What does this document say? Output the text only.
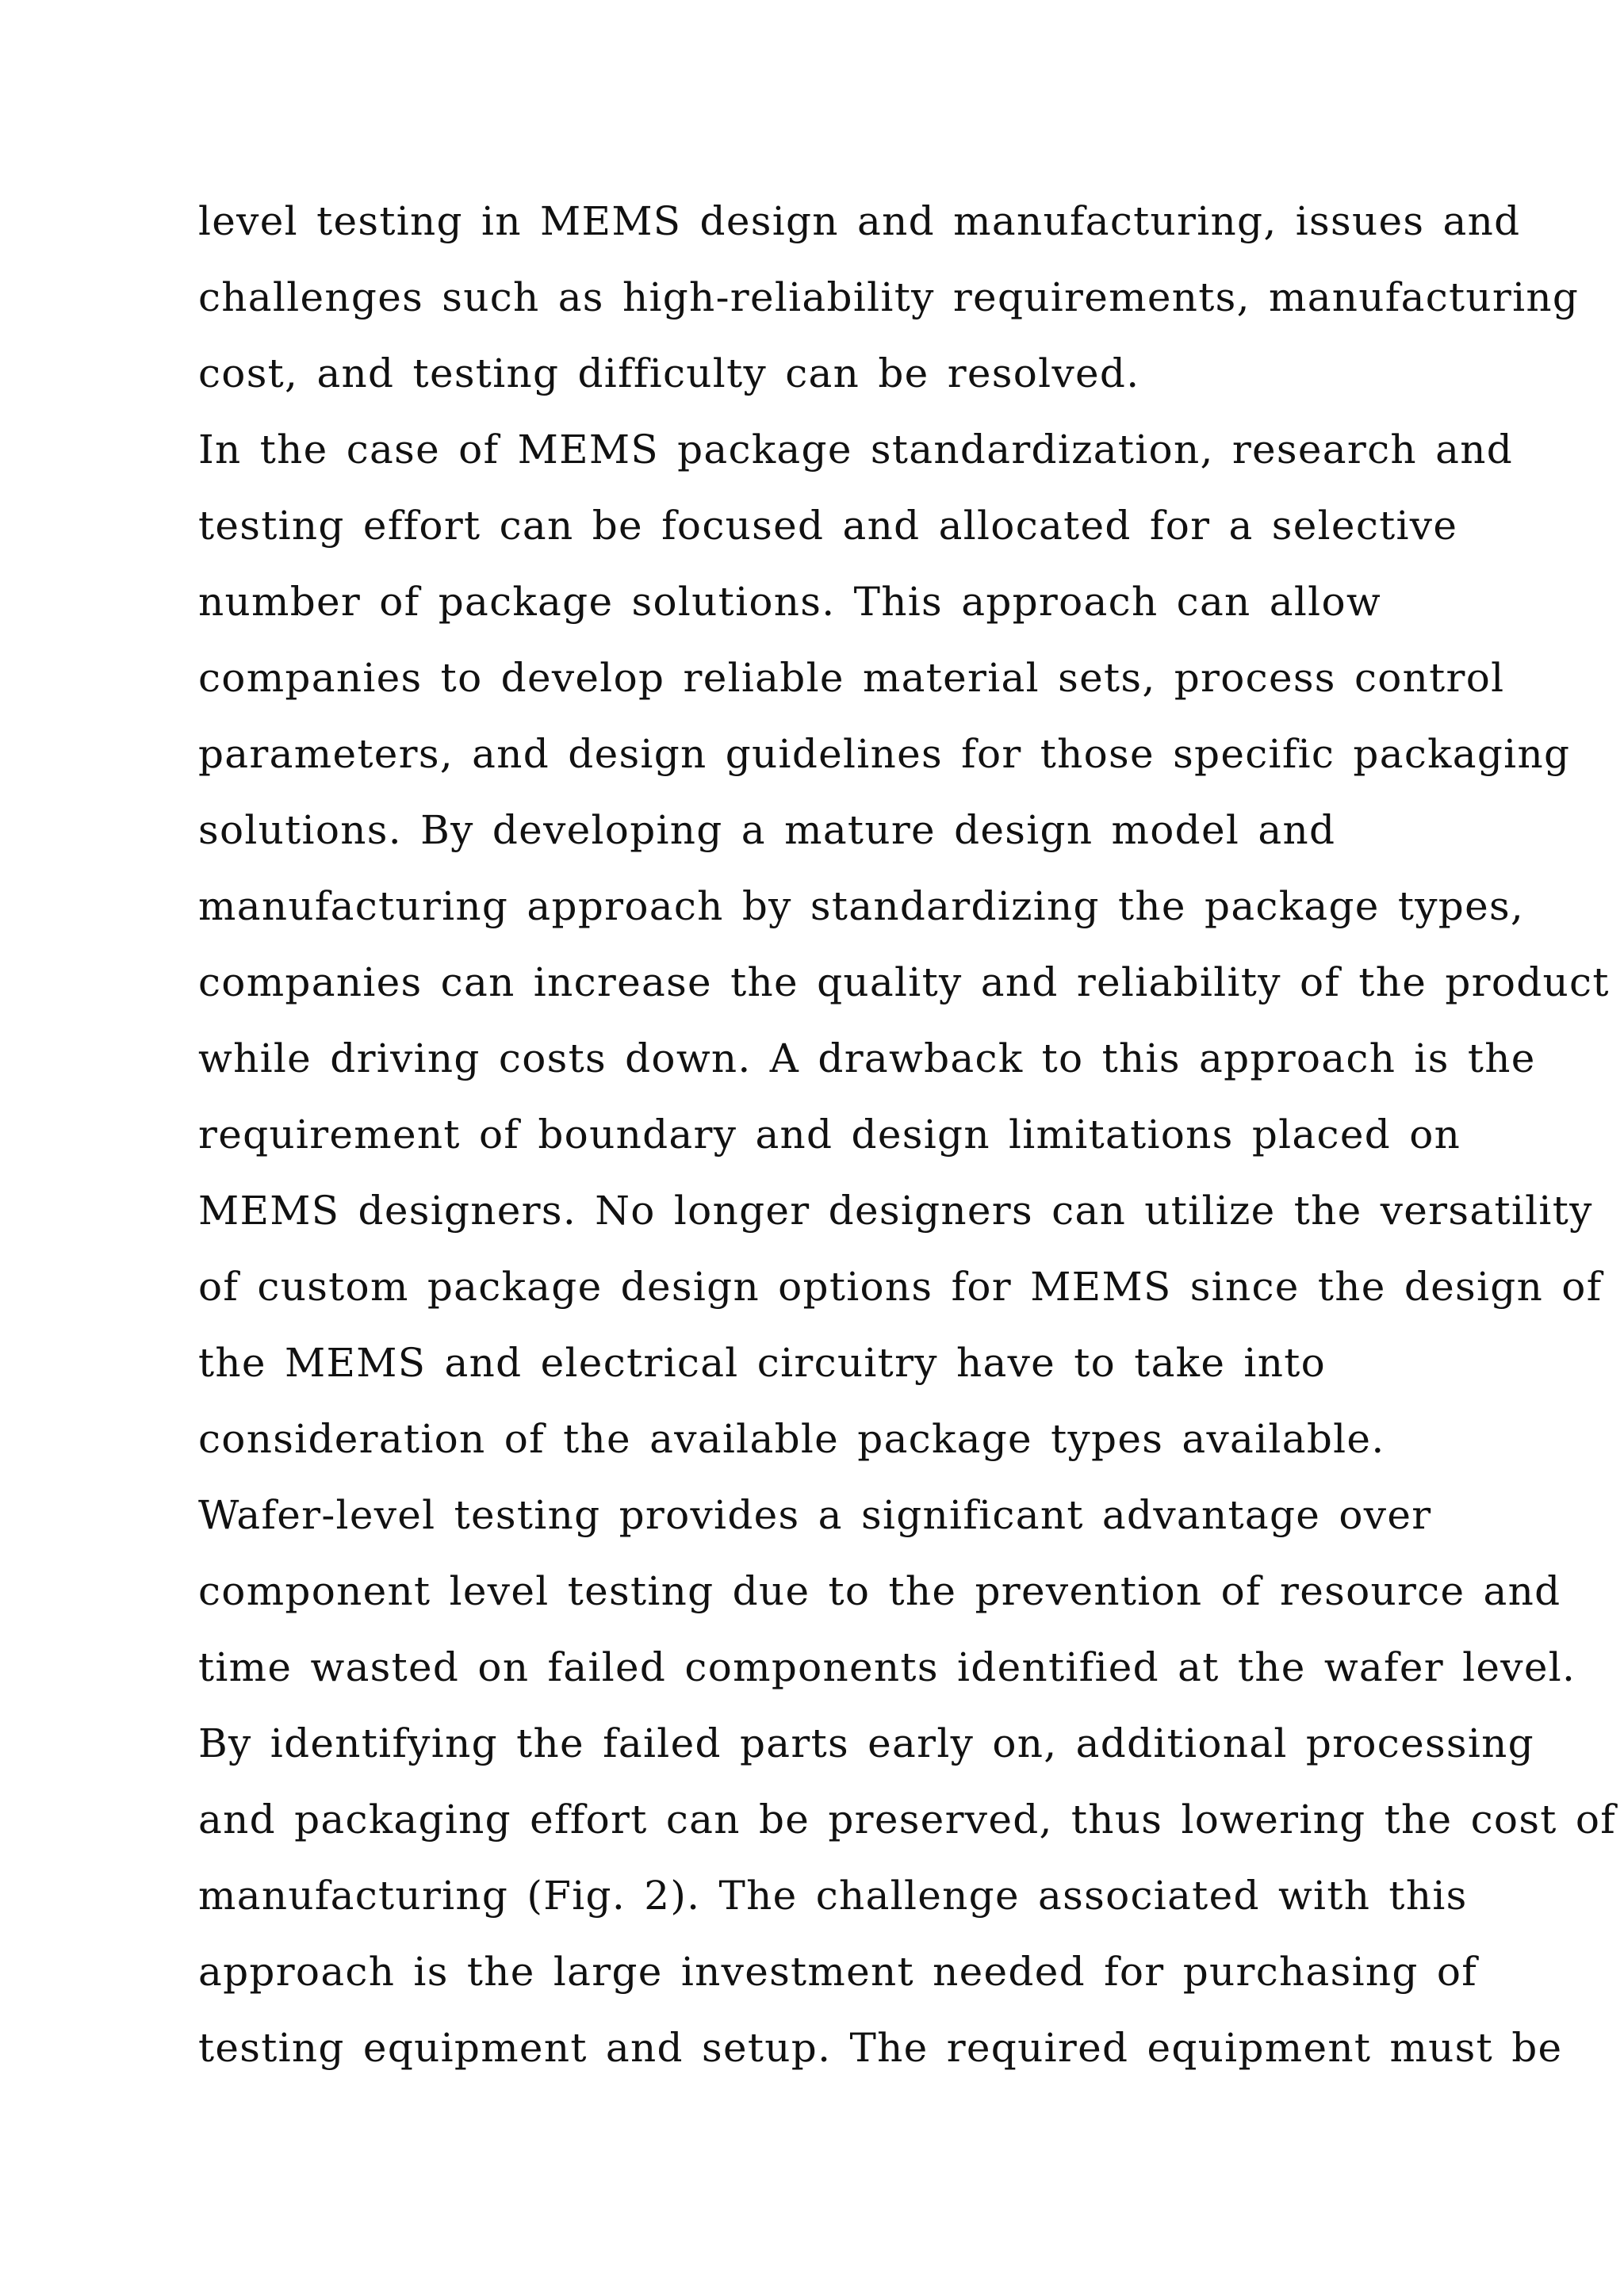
level testing in MEMS design and manufacturing, issues and
challenges such as high-reliability requirements, manufacturing
cost, and testing difficulty can be resolved.
In the case of MEMS package standardization, research and
testing effort can be focused and allocated for a selective
number of package solutions. This approach can allow
companies to develop reliable material sets, process control
parameters, and design guidelines for those specific packaging
solutions. By developing a mature design model and
manufacturing approach by standardizing the package types,
companies can increase the quality and reliability of the product
while driving costs down. A drawback to this approach is the
requirement of boundary and design limitations placed on
MEMS designers. No longer designers can utilize the versatility
of custom package design options for MEMS since the design of
the MEMS and electrical circuitry have to take into
consideration of the available package types available.
Wafer-level testing provides a significant advantage over
component level testing due to the prevention of resource and
time wasted on failed components identified at the wafer level.
By identifying the failed parts early on, additional processing
and packaging effort can be preserved, thus lowering the cost of
manufacturing (Fig. 2). The challenge associated with this
approach is the large investment needed for purchasing of
testing equipment and setup. The required equipment must be
